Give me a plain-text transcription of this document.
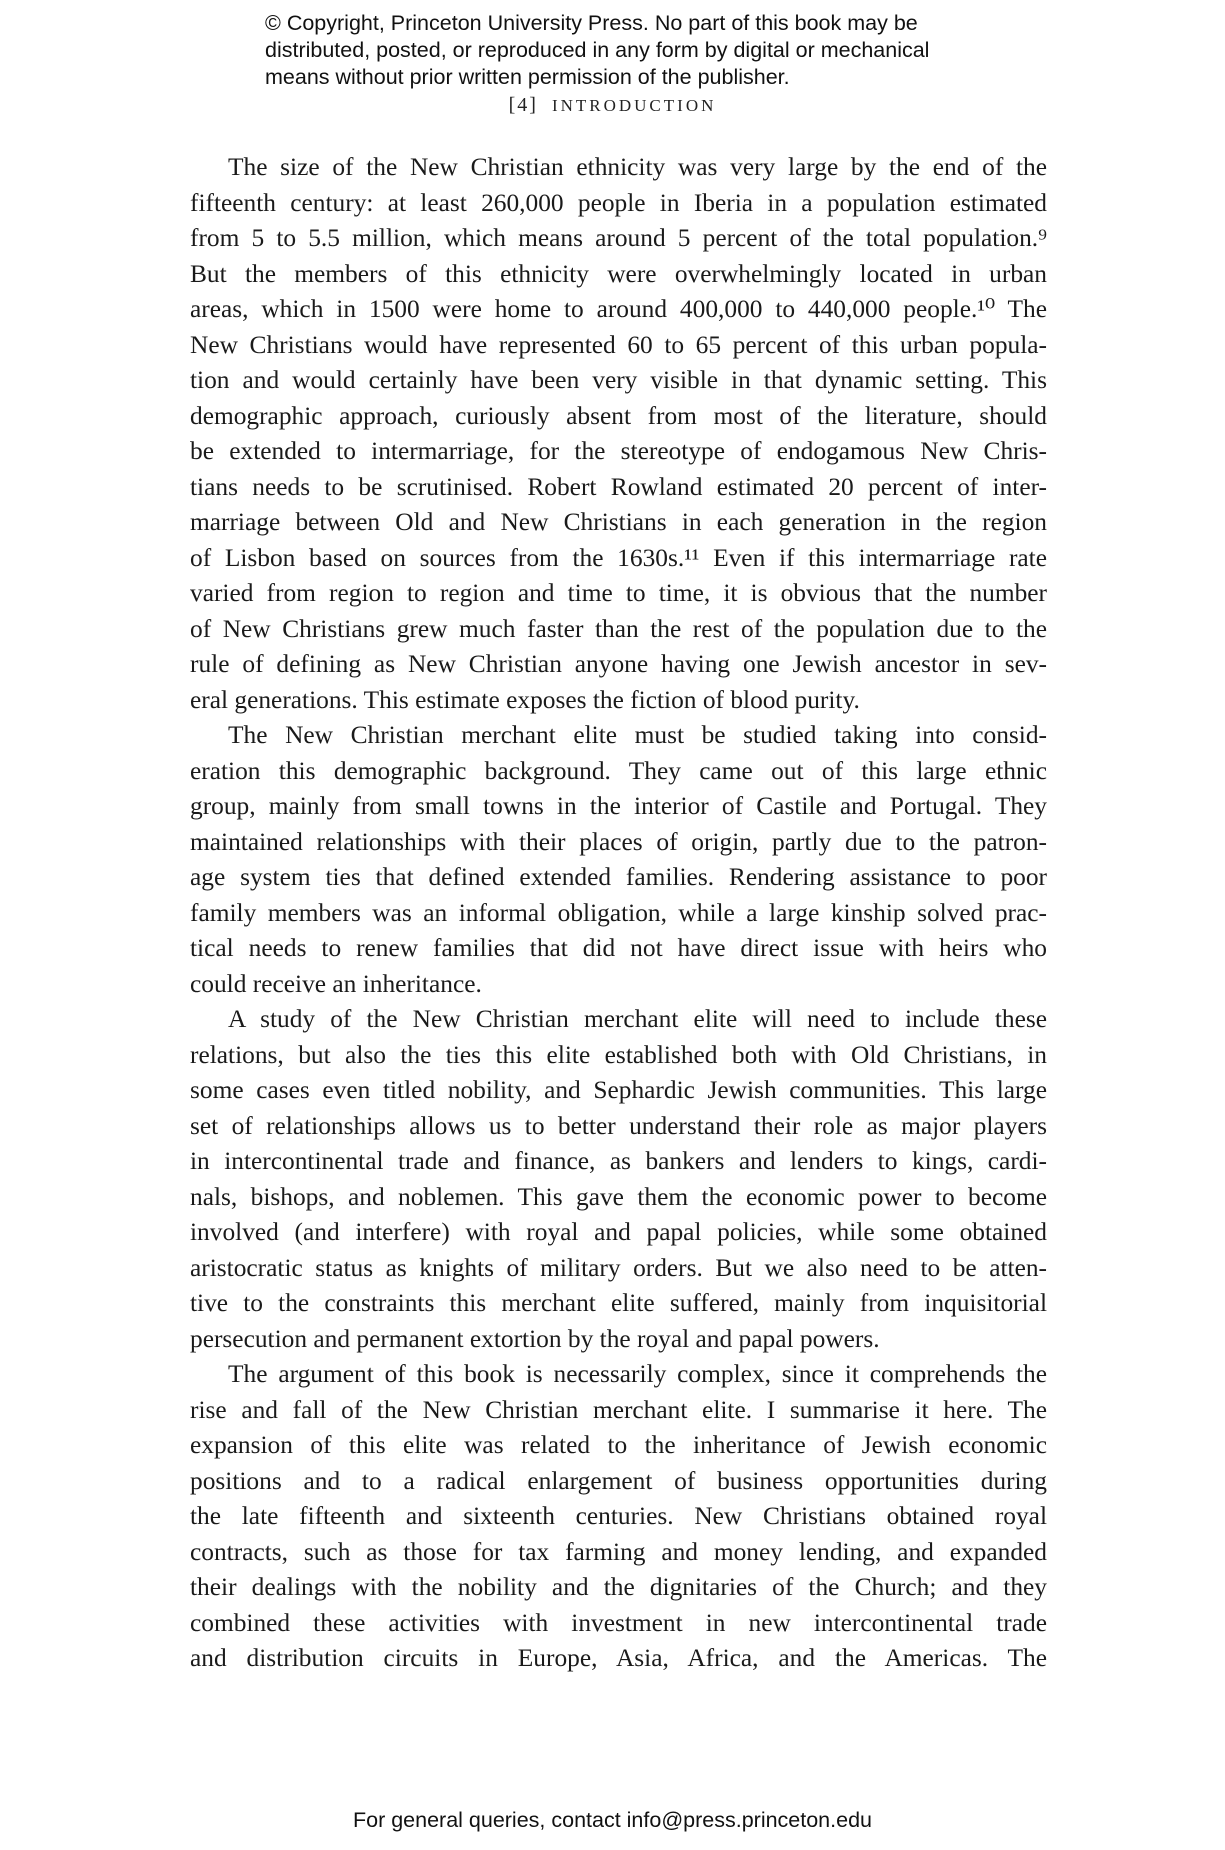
© Copyright, Princeton University Press. No part of this book may be
distributed, posted, or reproduced in any form by digital or mechanical
means without prior written permission of the publisher.
[4] INTRODUCTION
The size of the New Christian ethnicity was very large by the end of the
fifteenth century: at least 260,000 people in Iberia in a population estimated
from 5 to 5.5 million, which means around 5 percent of the total population.⁹
But the members of this ethnicity were overwhelmingly located in urban
areas, which in 1500 were home to around 400,000 to 440,000 people.¹⁰ The
New Christians would have represented 60 to 65 percent of this urban popula-
tion and would certainly have been very visible in that dynamic setting. This
demographic approach, curiously absent from most of the literature, should
be extended to intermarriage, for the stereotype of endogamous New Chris-
tians needs to be scrutinised. Robert Rowland estimated 20 percent of inter-
marriage between Old and New Christians in each generation in the region
of Lisbon based on sources from the 1630s.¹¹ Even if this intermarriage rate
varied from region to region and time to time, it is obvious that the number
of New Christians grew much faster than the rest of the population due to the
rule of defining as New Christian anyone having one Jewish ancestor in sev-
eral generations. This estimate exposes the fiction of blood purity.
The New Christian merchant elite must be studied taking into consid-
eration this demographic background. They came out of this large ethnic
group, mainly from small towns in the interior of Castile and Portugal. They
maintained relationships with their places of origin, partly due to the patron-
age system ties that defined extended families. Rendering assistance to poor
family members was an informal obligation, while a large kinship solved prac-
tical needs to renew families that did not have direct issue with heirs who
could receive an inheritance.
A study of the New Christian merchant elite will need to include these
relations, but also the ties this elite established both with Old Christians, in
some cases even titled nobility, and Sephardic Jewish communities. This large
set of relationships allows us to better understand their role as major players
in intercontinental trade and finance, as bankers and lenders to kings, cardi-
nals, bishops, and noblemen. This gave them the economic power to become
involved (and interfere) with royal and papal policies, while some obtained
aristocratic status as knights of military orders. But we also need to be atten-
tive to the constraints this merchant elite suffered, mainly from inquisitorial
persecution and permanent extortion by the royal and papal powers.
The argument of this book is necessarily complex, since it comprehends the
rise and fall of the New Christian merchant elite. I summarise it here. The
expansion of this elite was related to the inheritance of Jewish economic
positions and to a radical enlargement of business opportunities during
the late fifteenth and sixteenth centuries. New Christians obtained royal
contracts, such as those for tax farming and money lending, and expanded
their dealings with the nobility and the dignitaries of the Church; and they
combined these activities with investment in new intercontinental trade
and distribution circuits in Europe, Asia, Africa, and the Americas. The
For general queries, contact info@press.princeton.edu
